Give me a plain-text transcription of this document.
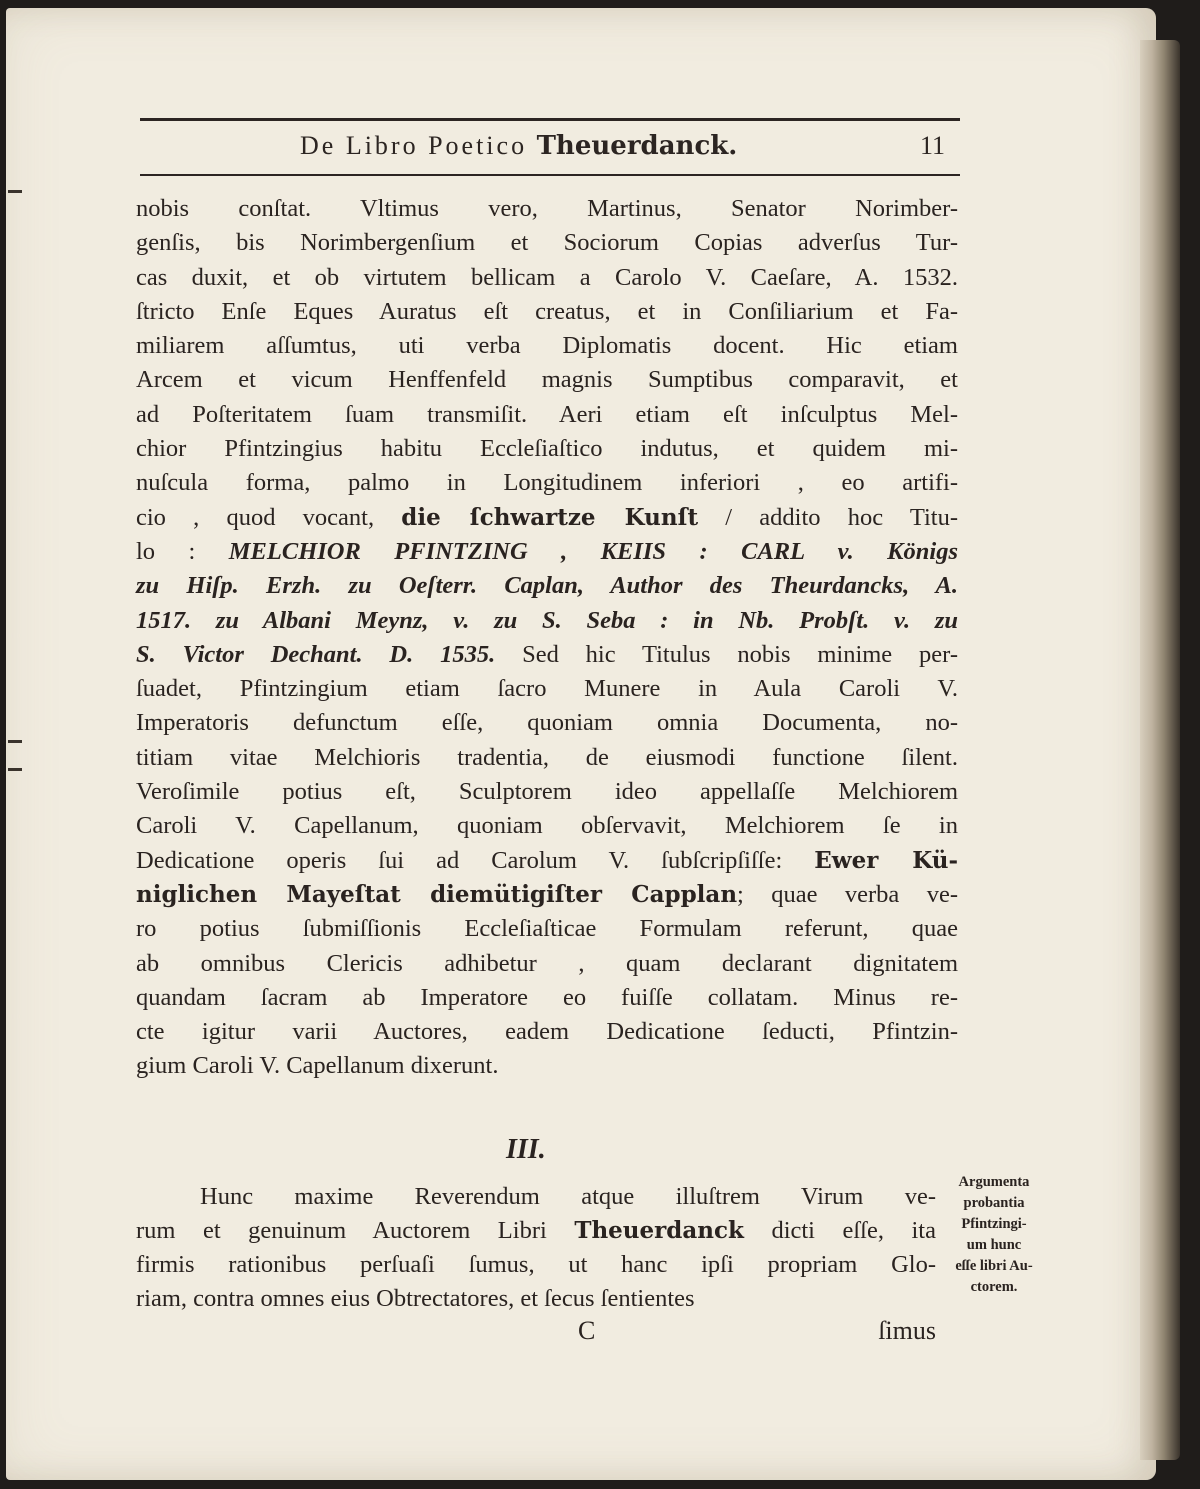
De Libro Poetico Theuerdanck.	11
nobis conſtat. Vltimus vero, Martinus, Senator Norimber-
genſis, bis Norimbergenſium et Sociorum Copias adverſus Tur-
cas duxit, et ob virtutem bellicam a Carolo V. Caeſare, A. 1532.
ſtricto Enſe Eques Auratus eſt creatus, et in Conſiliarium et Fa-
miliarem aſſumtus, uti verba Diplomatis docent. Hic etiam
Arcem et vicum Henffenfeld magnis Sumptibus comparavit, et
ad Poſteritatem ſuam transmiſit. Aeri etiam eſt inſculptus Mel-
chior Pfintzingius habitu Eccleſiaſtico indutus, et quidem mi-
nuſcula forma, palmo in Longitudinem inferiori , eo artifi-
cio , quod vocant, die ſchwartze Kunſt / addito hoc Titu-
lo : MELCHIOR PFINTZING , KEIIS : CARL v. Königs
zu Hiſp. Erzh. zu Oeſterr. Caplan, Author des Theurdancks, A.
1517. zu Albani Meynz, v. zu S. Seba : in Nb. Probſt. v. zu
S. Victor Dechant. D. 1535. Sed hic Titulus nobis minime per-
ſuadet, Pfintzingium etiam ſacro Munere in Aula Caroli V.
Imperatoris defunctum eſſe, quoniam omnia Documenta, no-
titiam vitae Melchioris tradentia, de eiusmodi functione ſilent.
Veroſimile potius eſt, Sculptorem ideo appellaſſe Melchiorem
Caroli V. Capellanum, quoniam obſervavit, Melchiorem ſe in
Dedicatione operis ſui ad Carolum V. ſubſcripſiſſe: Ewer Kü-
niglichen Mayeſtat diemütigiſter Capplan; quae verba ve-
ro potius ſubmiſſionis Eccleſiaſticae Formulam referunt, quae
ab omnibus Clericis adhibetur , quam declarant dignitatem
quandam ſacram ab Imperatore eo fuiſſe collatam. Minus re-
cte igitur varii Auctores, eadem Dedicatione ſeducti, Pfintzin-
gium Caroli V. Capellanum dixerunt.
III.
Hunc maxime Reverendum atque illuſtrem Virum ve-
rum et genuinum Auctorem Libri Theuerdanck dicti eſſe, ita
firmis rationibus perſuaſi ſumus, ut hanc ipſi propriam Glo-
riam, contra omnes eius Obtrectatores, et ſecus ſentientes
C	ſimus
Argumenta
probantia
Pfintzingi-
um hunc
eſſe libri Au-
ctorem.
